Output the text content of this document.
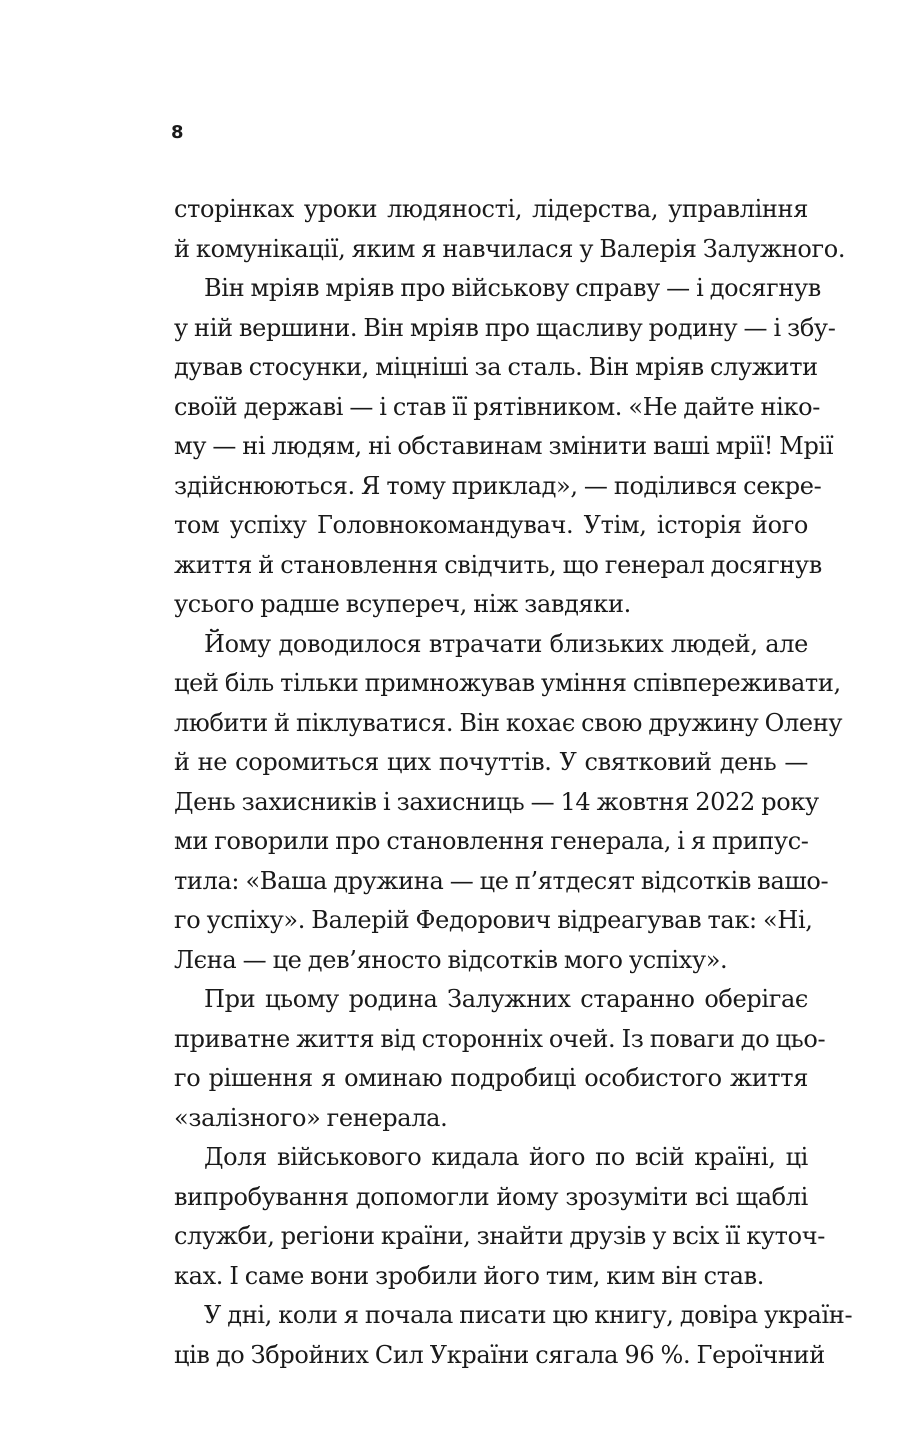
8
сторінках уроки людяності, лідерства, управління
й комунікації, яким я навчилася у Валерія Залужного.
Він мріяв мріяв про військову справу — і досягнув
у ній вершини. Він мріяв про щасливу родину — і збу-
дував стосунки, міцніші за сталь. Він мріяв служити
своїй державі — і став її рятівником. «Не дайте ніко-
му — ні людям, ні обставинам змінити ваші мрії! Мрії
здійснюються. Я тому приклад», — поділився секре-
том успіху Головнокомандувач. Утім, історія його
життя й становлення свідчить, що генерал досягнув
усього радше всупереч, ніж завдяки.
Йому доводилося втрачати близьких людей, але
цей біль тільки примножував уміння співпереживати,
любити й піклуватися. Він кохає свою дружину Олену
й не соромиться цих почуттів. У святковий день —
День захисників і захисниць — 14 жовтня 2022 року
ми говорили про становлення генерала, і я припус-
тила: «Ваша дружина — це п’ятдесят відсотків вашо-
го успіху». Валерій Федорович відреагував так: «Ні,
Лєна — це дев’яносто відсотків мого успіху».
При цьому родина Залужних старанно оберігає
приватне життя від сторонніх очей. Із поваги до цьо-
го рішення я оминаю подробиці особистого життя
«залізного» генерала.
Доля військового кидала його по всій країні, ці
випробування допомогли йому зрозуміти всі щаблі
служби, регіони країни, знайти друзів у всіх її куточ-
ках. І саме вони зробили його тим, ким він став.
У дні, коли я почала писати цю книгу, довіра україн-
ців до Збройних Сил України сягала 96 %. Героїчний
